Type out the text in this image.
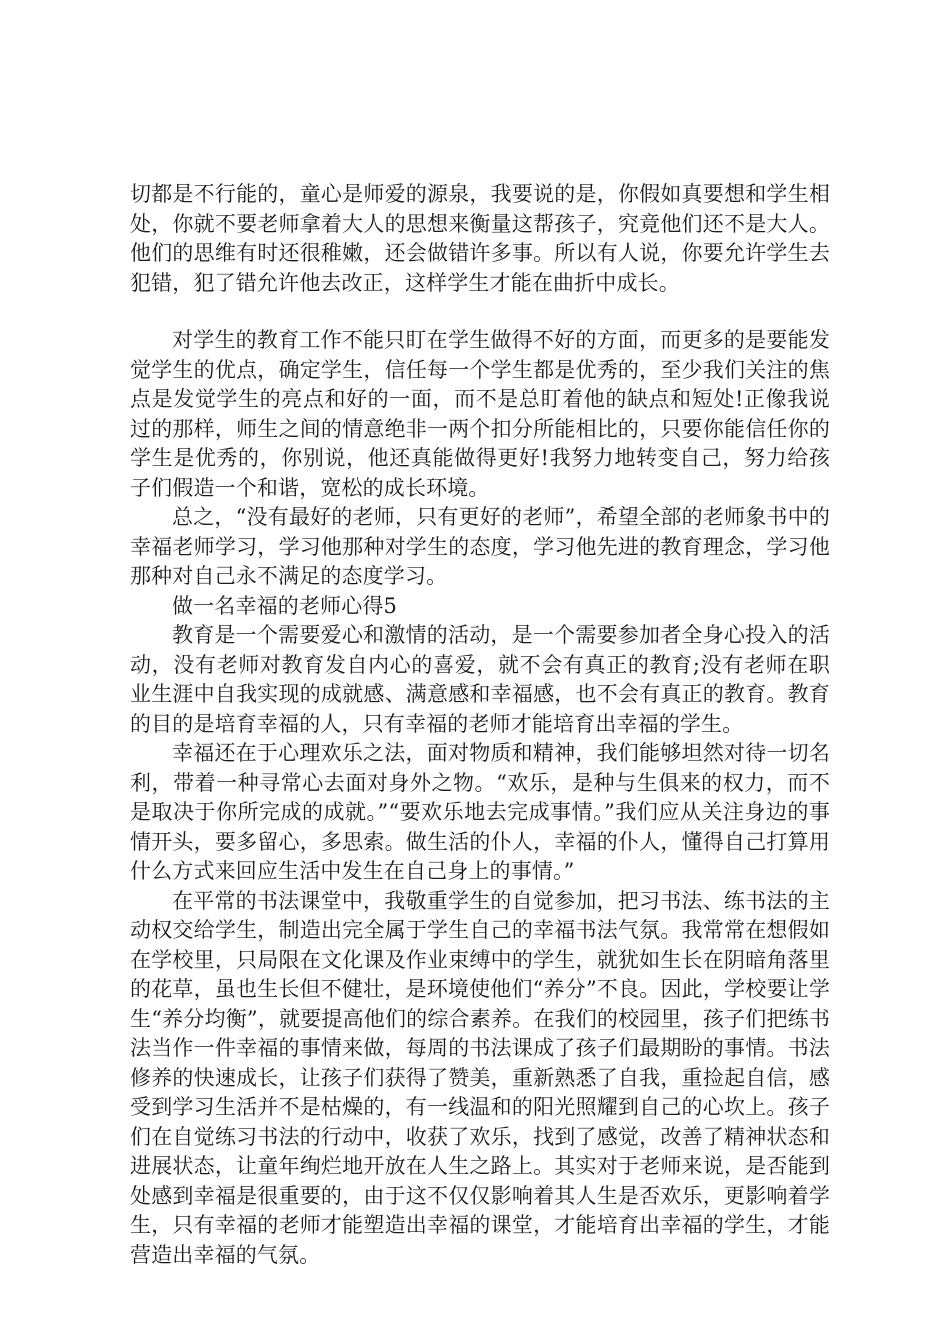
切都是不行能的，童心是师爱的源泉，我要说的是，你假如真要想和学生相处，你就不要老师拿着大人的思想来衡量这帮孩子，究竟他们还不是大人。他们的思维有时还很稚嫩，还会做错许多事。所以有人说，你要允许学生去犯错，犯了错允许他去改正，这样学生才能在曲折中成长。

对学生的教育工作不能只盯在学生做得不好的方面，而更多的是要能发觉学生的优点，确定学生，信任每一个学生都是优秀的，至少我们关注的焦点是发觉学生的亮点和好的一面，而不是总盯着他的缺点和短处!正像我说过的那样，师生之间的情意绝非一两个扣分所能相比的，只要你能信任你的学生是优秀的，你别说，他还真能做得更好!我努力地转变自己，努力给孩子们假造一个和谐，宽松的成长环境。

总之，“没有最好的老师，只有更好的老师”，希望全部的老师象书中的幸福老师学习，学习他那种对学生的态度，学习他先进的教育理念，学习他那种对自己永不满足的态度学习。

做一名幸福的老师心得5

教育是一个需要爱心和激情的活动，是一个需要参加者全身心投入的活动，没有老师对教育发自内心的喜爱，就不会有真正的教育;没有老师在职业生涯中自我实现的成就感、满意感和幸福感，也不会有真正的教育。教育的目的是培育幸福的人，只有幸福的老师才能培育出幸福的学生。

幸福还在于心理欢乐之法，面对物质和精神，我们能够坦然对待一切名利，带着一种寻常心去面对身外之物。“欢乐，是种与生俱来的权力，而不是取决于你所完成的成就。”“要欢乐地去完成事情。”我们应从关注身边的事情开头，要多留心，多思索。做生活的仆人，幸福的仆人，懂得自己打算用什么方式来回应生活中发生在自己身上的事情。”

在平常的书法课堂中，我敬重学生的自觉参加，把习书法、练书法的主动权交给学生，制造出完全属于学生自己的幸福书法气氛。我常常在想假如在学校里，只局限在文化课及作业束缚中的学生，就犹如生长在阴暗角落里的花草，虽也生长但不健壮，是环境使他们“养分”不良。因此，学校要让学生“养分均衡”，就要提高他们的综合素养。在我们的校园里，孩子们把练书法当作一件幸福的事情来做，每周的书法课成了孩子们最期盼的事情。书法修养的快速成长，让孩子们获得了赞美，重新熟悉了自我，重捡起自信，感受到学习生活并不是枯燥的，有一线温和的阳光照耀到自己的心坎上。孩子们在自觉练习书法的行动中，收获了欢乐，找到了感觉，改善了精神状态和进展状态，让童年绚烂地开放在人生之路上。其实对于老师来说，是否能到处感到幸福是很重要的，由于这不仅仅影响着其人生是否欢乐，更影响着学生，只有幸福的老师才能塑造出幸福的课堂，才能培育出幸福的学生，才能营造出幸福的气氛。
